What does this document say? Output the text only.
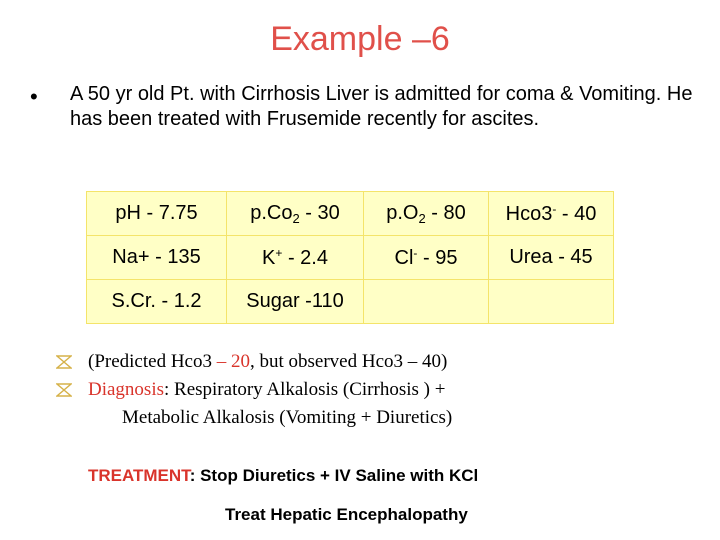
Example –6
• A 50 yr old Pt. with Cirrhosis Liver is admitted for coma & Vomiting. He has been treated with Frusemide recently for ascites.
pH - 7.75	$p.Co_2 - 30$	$p.O_2 - 80$	Hco3- - 40
Na+ - 135	K+ - 2.4	Cl- - 95	Urea - 45
S.Cr. - 1.2	Sugar -110		
(Predicted Hco3 – 20, but observed Hco3 – 40)
Diagnosis: Respiratory Alkalosis (Cirrhosis ) +
Metabolic Alkalosis (Vomiting + Diuretics)
TREATMENT: Stop Diuretics + IV Saline with KCl
Treat Hepatic Encephalopathy
